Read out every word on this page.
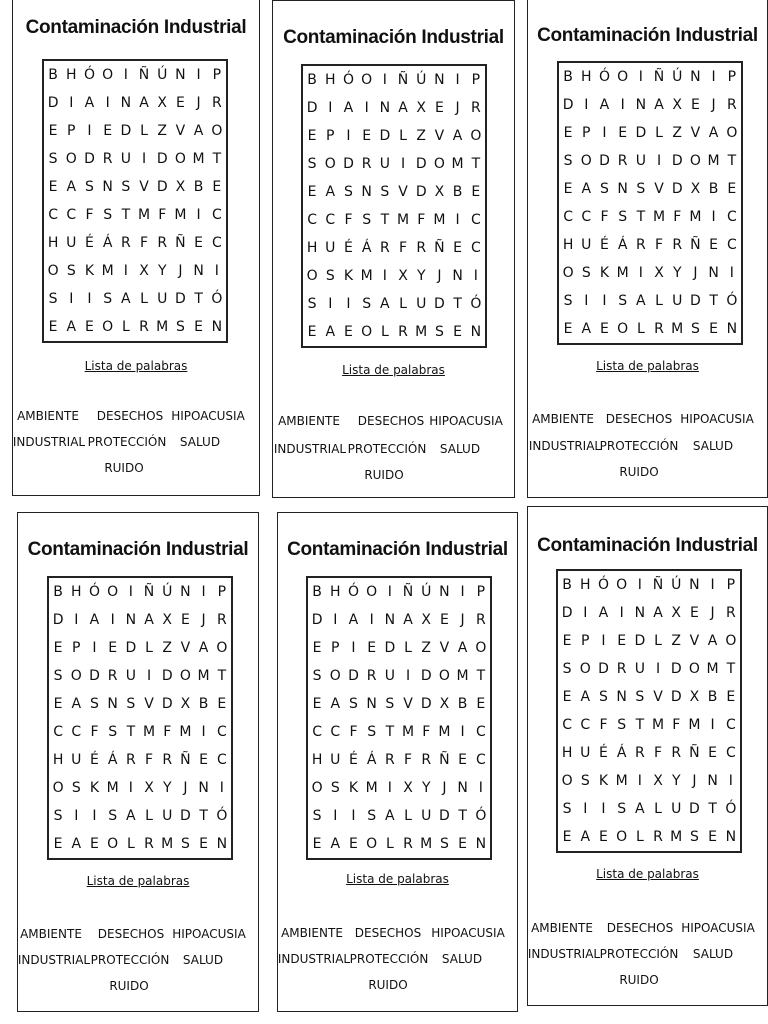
Contaminación Industrial
B	H	Ó	O	I	Ñ	Ú	N	I	P
D	I	A	I	N	A	X	E	J	R
E	P	I	E	D	L	Z	V	A	O
S	O	D	R	U	I	D	O	M	T
E	A	S	N	S	V	D	X	B	E
C	C	F	S	T	M	F	M	I	C
H	U	É	Á	R	F	R	Ñ	E	C
O	S	K	M	I	X	Y	J	N	I
S	I	I	S	A	L	U	D	T	Ó
E	A	E	O	L	R	M	S	E	N
Lista de palabras
AMBIENTE	DESECHOS HIPOACUSIA
INDUSTRIAL PROTECCIÓN	SALUD
RUIDO
Contaminación Industrial
B	H	Ó	O	I	Ñ	Ú	N	I	P
D	I	A	I	N	A	X	E	J	R
E	P	I	E	D	L	Z	V	A	O
S	O	D	R	U	I	D	O	M	T
E	A	S	N	S	V	D	X	B	E
C	C	F	S	T	M	F	M	I	C
H	U	É	Á	R	F	R	Ñ	E	C
O	S	K	M	I	X	Y	J	N	I
S	I	I	S	A	L	U	D	T	Ó
E	A	E	O	L	R	M	S	E	N
Lista de palabras
AMBIENTE	DESECHOS HIPOACUSIA
INDUSTRIAL PROTECCIÓN	SALUD
RUIDO
Contaminación Industrial
B	H	Ó	O	I	Ñ	Ú	N	I	P
D	I	A	I	N	A	X	E	J	R
E	P	I	E	D	L	Z	V	A	O
S	O	D	R	U	I	D	O	M	T
E	A	S	N	S	V	D	X	B	E
C	C	F	S	T	M	F	M	I	C
H	U	É	Á	R	F	R	Ñ	E	C
O	S	K	M	I	X	Y	J	N	I
S	I	I	S	A	L	U	D	T	Ó
E	A	E	O	L	R	M	S	E	N
Lista de palabras
AMBIENTE DESECHOS HIPOACUSIA
INDUSTRIAL
PROTECCIÓN	SALUD
RUIDO
Contaminación Industrial
B	H	Ó	O	I	Ñ	Ú	N	I	P
D	I	A	I	N	A	X	E	J	R
E	P	I	E	D	L	Z	V	A	O
S	O	D	R	U	I	D	O	M	T
E	A	S	N	S	V	D	X	B	E
C	C	F	S	T	M	F	M	I	C
H	U	É	Á	R	F	R	Ñ	E	C
O	S	K	M	I	X	Y	J	N	I
S	I	I	S	A	L	U	D	T	Ó
E	A	E	O	L	R	M	S	E	N
Lista de palabras
AMBIENTE	DESECHOS HIPOACUSIA
INDUSTRIAL PROTECCIÓN	SALUD
RUIDO
Contaminación Industrial
B	H	Ó	O	I	Ñ	Ú	N	I	P
D	I	A	I	N	A	X	E	J	R
E	P	I	E	D	L	Z	V	A	O
S	O	D	R	U	I	D	O	M	T
E	A	S	N	S	V	D	X	B	E
C	C	F	S	T	M	F	M	I	C
H	U	É	Á	R	F	R	Ñ	E	C
O	S	K	M	I	X	Y	J	N	I
S	I	I	S	A	L	U	D	T	Ó
E	A	E	O	L	R	M	S	E	N
Lista de palabras
AMBIENTE DESECHOS HIPOACUSIA
INDUSTRIAL PROTECCIÓN	SALUD
RUIDO
Contaminación Industrial
B	H	Ó	O	I	Ñ	Ú	N	I	P
D	I	A	I	N	A	X	E	J	R
E	P	I	E	D	L	Z	V	A	O
S	O	D	R	U	I	D	O	M	T
E	A	S	N	S	V	D	X	B	E
C	C	F	S	T	M	F	M	I	C
H	U	É	Á	R	F	R	Ñ	E	C
O	S	K	M	I	X	Y	J	N	I
S	I	I	S	A	L	U	D	T	Ó
E	A	E	O	L	R	M	S	E	N
Lista de palabras
AMBIENTE	DESECHOS HIPOACUSIA
INDUSTRIAL PROTECCIÓN	SALUD
RUIDO
